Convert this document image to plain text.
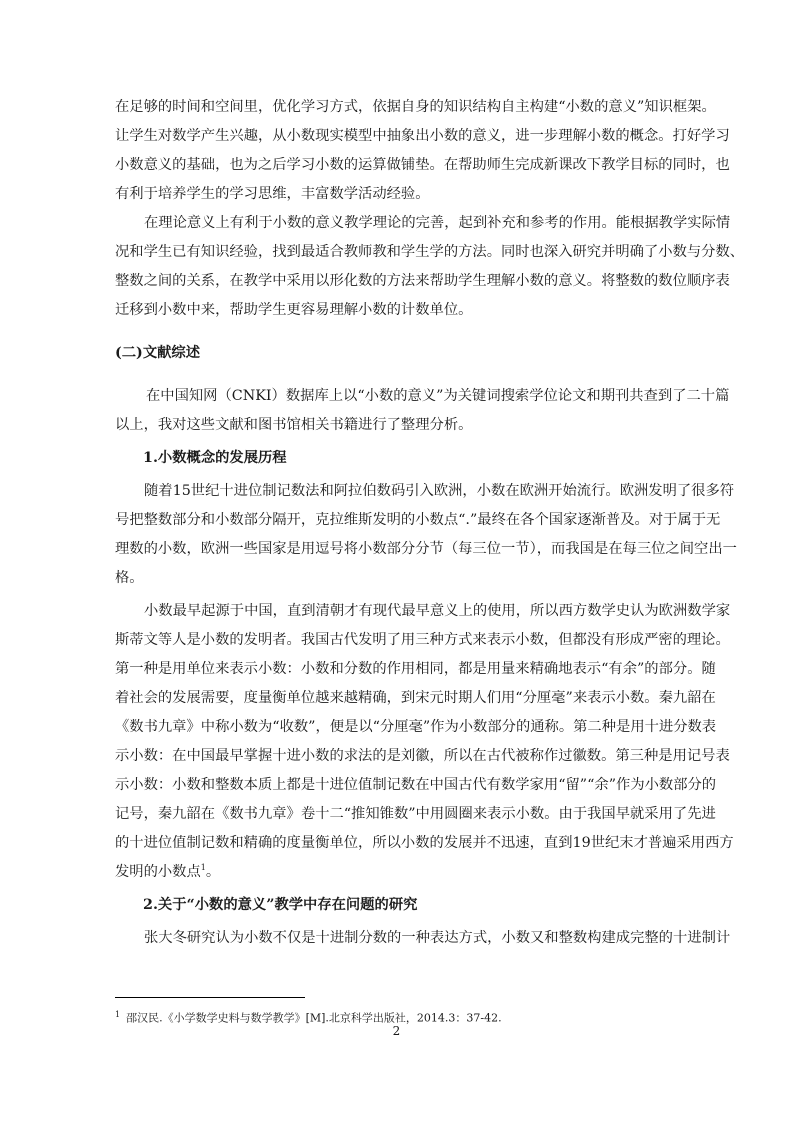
在足够的时间和空间里，优化学习方式，依据自身的知识结构自主构建“小数的意义”知识框架。
让学生对数学产生兴趣，从小数现实模型中抽象出小数的意义，进一步理解小数的概念。打好学习
小数意义的基础，也为之后学习小数的运算做铺垫。在帮助师生完成新课改下教学目标的同时，也
有利于培养学生的学习思维，丰富数学活动经验。
在理论意义上有利于小数的意义教学理论的完善，起到补充和参考的作用。能根据教学实际情
况和学生已有知识经验，找到最适合教师教和学生学的方法。同时也深入研究并明确了小数与分数、
整数之间的关系，在教学中采用以形化数的方法来帮助学生理解小数的意义。将整数的数位顺序表
迁移到小数中来，帮助学生更容易理解小数的计数单位。
(二)文献综述
在中国知网（CNKI）数据库上以“小数的意义”为关键词搜索学位论文和期刊共查到了二十篇
以上，我对这些文献和图书馆相关书籍进行了整理分析。
1.小数概念的发展历程
随着15世纪十进位制记数法和阿拉伯数码引入欧洲，小数在欧洲开始流行。欧洲发明了很多符
号把整数部分和小数部分隔开，克拉维斯发明的小数点“.”最终在各个国家逐渐普及。对于属于无
理数的小数，欧洲一些国家是用逗号将小数部分分节（每三位一节），而我国是在每三位之间空出一
格。
小数最早起源于中国，直到清朝才有现代最早意义上的使用，所以西方数学史认为欧洲数学家
斯蒂文等人是小数的发明者。我国古代发明了用三种方式来表示小数，但都没有形成严密的理论。
第一种是用单位来表示小数：小数和分数的作用相同，都是用量来精确地表示“有余”的部分。随
着社会的发展需要，度量衡单位越来越精确，到宋元时期人们用“分厘毫”来表示小数。秦九韶在
《数书九章》中称小数为“收数”，便是以“分厘毫”作为小数部分的通称。第二种是用十进分数表
示小数：在中国最早掌握十进小数的求法的是刘徽，所以在古代被称作过徽数。第三种是用记号表
示小数：小数和整数本质上都是十进位值制记数在中国古代有数学家用“留”“余”作为小数部分的
记号，秦九韶在《数书九章》卷十二“推知锥数”中用圆圈来表示小数。由于我国早就采用了先进
的十进位值制记数和精确的度量衡单位，所以小数的发展并不迅速，直到19世纪末才普遍采用西方
发明的小数点$^1$。
2.关于“小数的意义”教学中存在问题的研究
张大冬研究认为小数不仅是十进制分数的一种表达方式，小数又和整数构建成完整的十进制计
$^1$ 邵汉民.《小学数学史料与数学教学》[M].北京科学出版社，2014.3：37-42.
2
